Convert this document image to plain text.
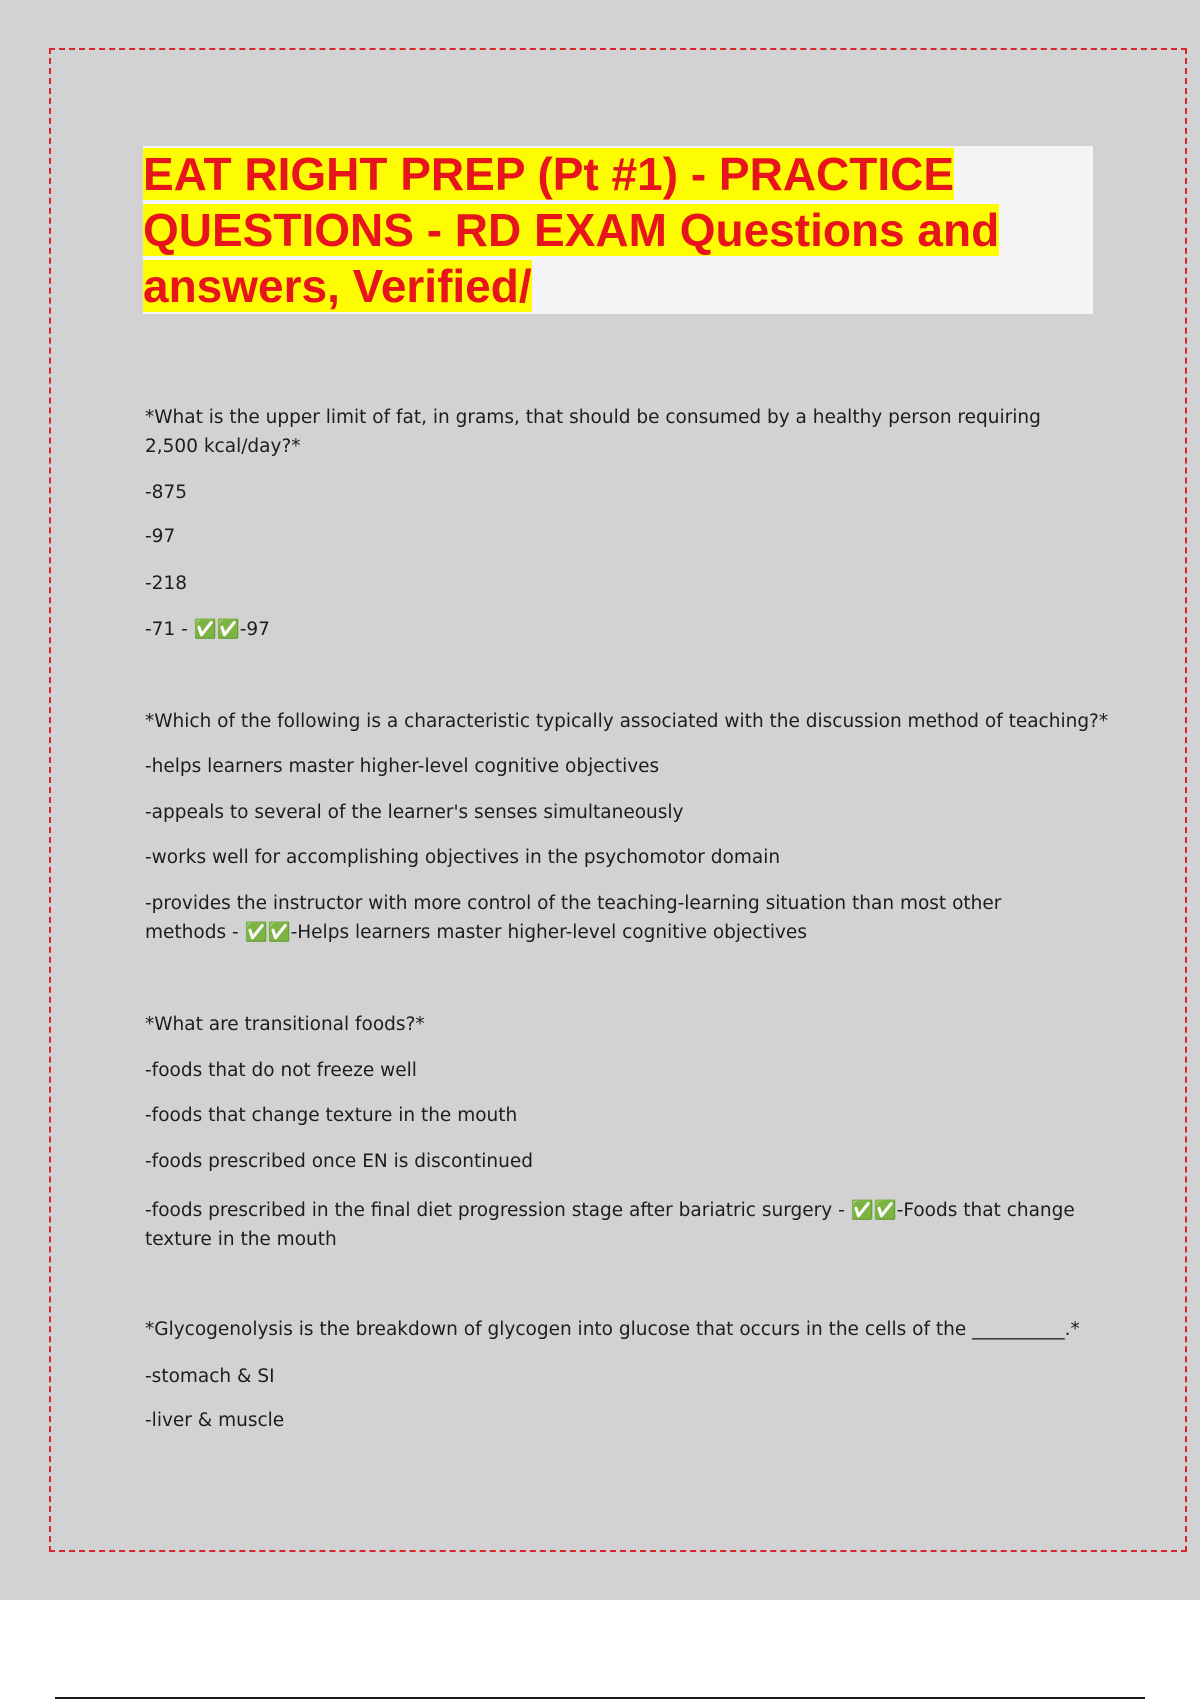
EAT RIGHT PREP (Pt #1) - PRACTICE
QUESTIONS - RD EXAM Questions and
answers, Verified/

*What is the upper limit of fat, in grams, that should be consumed by a healthy person requiring 2,500 kcal/day?*

-875

-97

-218

-71 - ✅✅-97

*Which of the following is a characteristic typically associated with the discussion method of teaching?*

-helps learners master higher-level cognitive objectives

-appeals to several of the learner's senses simultaneously

-works well for accomplishing objectives in the psychomotor domain

-provides the instructor with more control of the teaching-learning situation than most other methods - ✅✅-Helps learners master higher-level cognitive objectives

*What are transitional foods?*

-foods that do not freeze well

-foods that change texture in the mouth

-foods prescribed once EN is discontinued

-foods prescribed in the final diet progression stage after bariatric surgery - ✅✅-Foods that change texture in the mouth

*Glycogenolysis is the breakdown of glycogen into glucose that occurs in the cells of the __________.*

-stomach & SI

-liver & muscle
